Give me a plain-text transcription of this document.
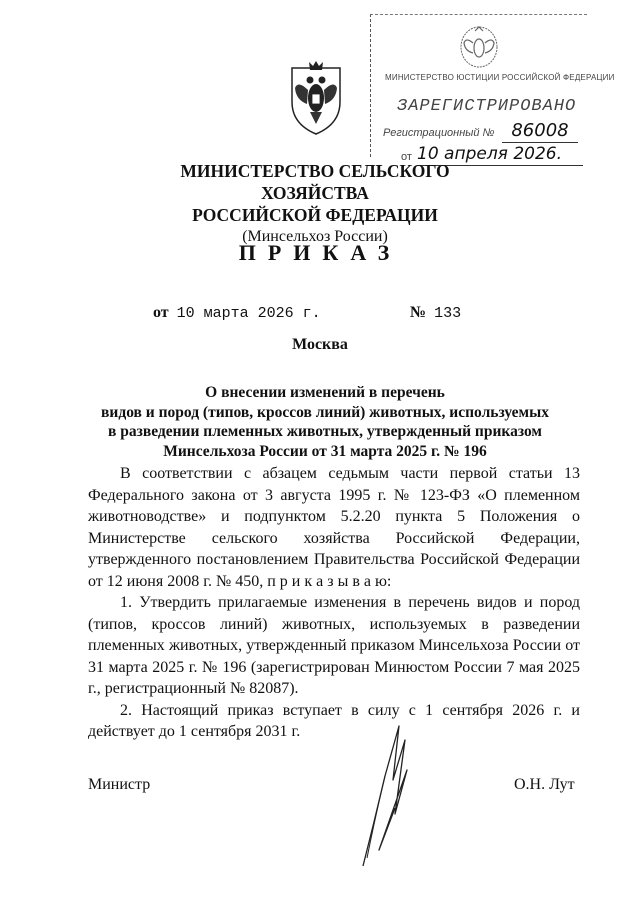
МИНИСТЕРСТВО ЮСТИЦИИ РОССИЙСКОЙ ФЕДЕРАЦИИ
ЗАРЕГИСТРИРОВАНО
Регистрационный № 86008
от 10 апреля 2026.
МИНИСТЕРСТВО СЕЛЬСКОГО ХОЗЯЙСТВА
РОССИЙСКОЙ ФЕДЕРАЦИИ
(Минсельхоз России)
ПРИКАЗ
от 10 марта 2026 г.	№ 133
Москва
О внесении изменений в перечень
видов и пород (типов, кроссов линий) животных, используемых
в разведении племенных животных, утвержденный приказом
Минсельхоза России от 31 марта 2025 г. № 196

В соответствии с абзацем седьмым части первой статьи 13 Федерального закона от 3 августа 1995 г. № 123-ФЗ «О племенном животноводстве» и подпунктом 5.2.20 пункта 5 Положения о Министерстве сельского хозяйства Российской Федерации, утвержденного постановлением Правительства Российской Федерации от 12 июня 2008 г. № 450, п р и к а з ы в а ю:

1. Утвердить прилагаемые изменения в перечень видов и пород (типов, кроссов линий) животных, используемых в разведении племенных животных, утвержденный приказом Минсельхоза России от 31 марта 2025 г. № 196 (зарегистрирован Минюстом России 7 мая 2025 г., регистрационный № 82087).

2. Настоящий приказ вступает в силу с 1 сентября 2026 г. и действует до 1 сентября 2031 г.

Министр	О.Н. Лут
